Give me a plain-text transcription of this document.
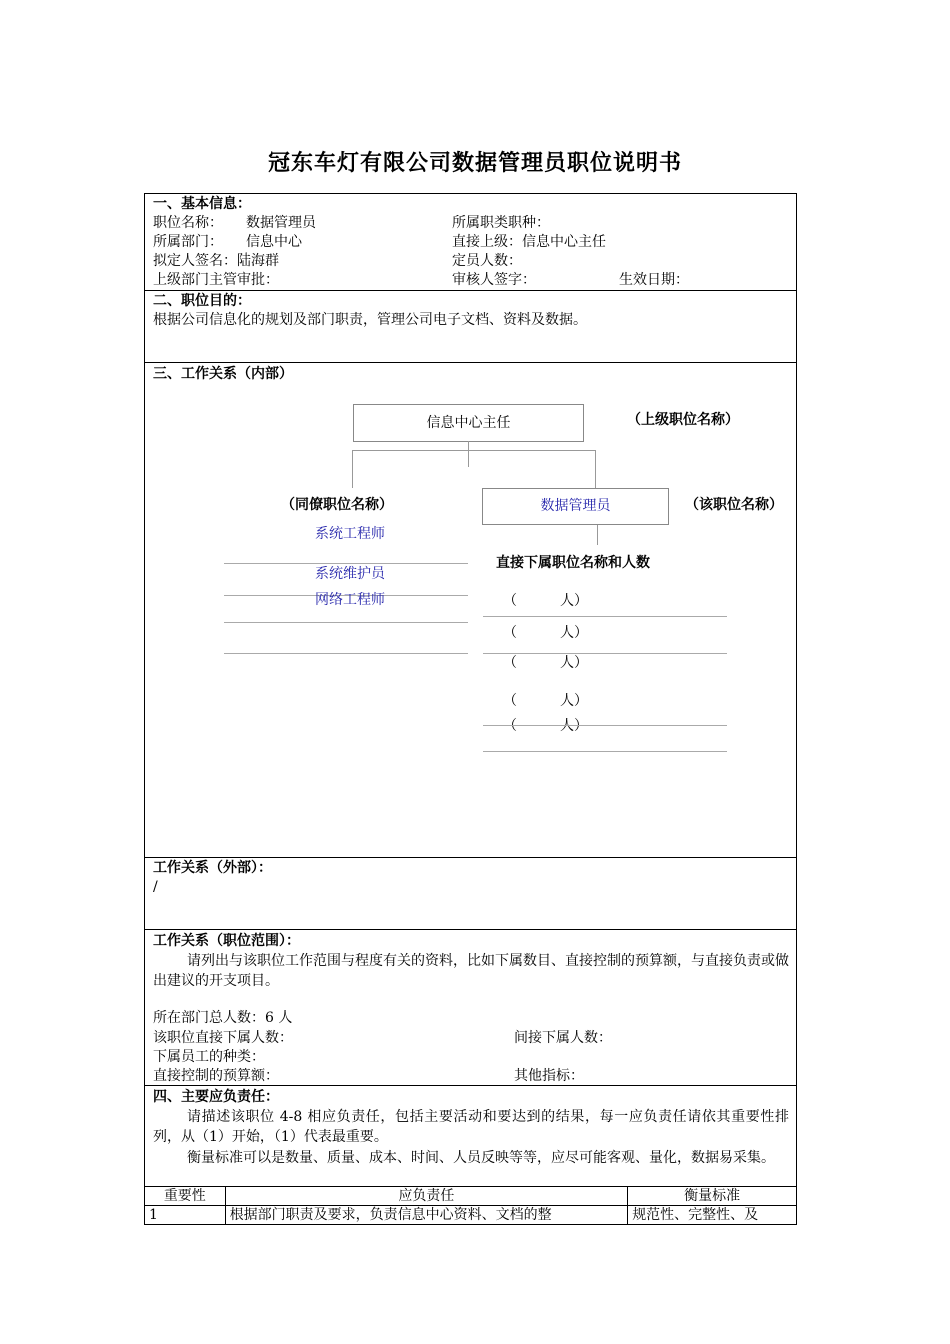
冠东车灯有限公司数据管理员职位说明书
一、基本信息：
职位名称： 数据管理员	所属职类职种：
所属部门： 信息中心	直接上级：信息中心主任
拟定人签名：陆海群	定员人数：
上级部门主管审批：	审核人签字：	生效日期：
二、职位目的：
根据公司信息化的规划及部门职责，管理公司电子文档、资料及数据。
三、工作关系（内部）
信息中心主任	（上级职位名称）
（同僚职位名称）	数据管理员	（该职位名称）
系统工程师
系统维护员
网络工程师
直接下属职位名称和人数
（	人）
（	人）
（	人）
（	人）
（	人）
工作关系（外部）：
/
工作关系（职位范围）：
请列出与该职位工作范围与程度有关的资料，比如下属数目、直接控制的预算额，与直接负责或做出建议的开支项目。
所在部门总人数：6 人
该职位直接下属人数：	间接下属人数：
下属员工的种类：
直接控制的预算额：	其他指标：
四、主要应负责任：
请描述该职位 4-8 相应负责任，包括主要活动和要达到的结果，每一应负责任请依其重要性排列，从（1）开始，（1）代表最重要。
衡量标准可以是数量、质量、成本、时间、人员反映等等，应尽可能客观、量化，数据易采集。
重要性	应负责任	衡量标准
1	根据部门职责及要求，负责信息中心资料、文档的整	规范性、完整性、及
